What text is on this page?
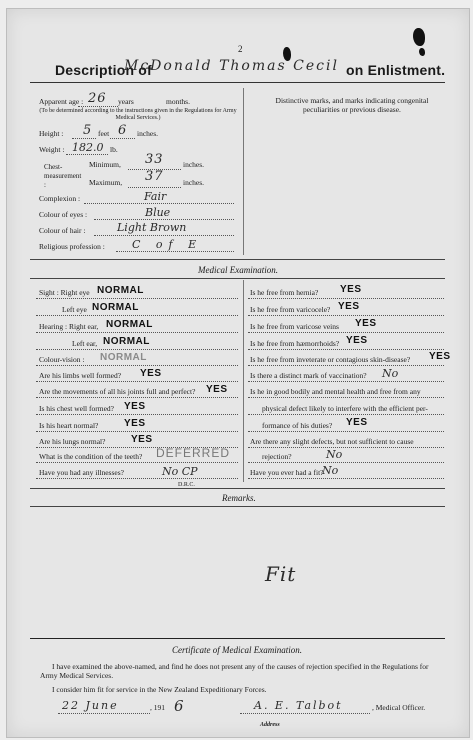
2
Description of
McDonald Thomas Cecil on Enlistment.
Apparent age : 26 years	months.
(To be determined according to the instructions given in the Regulations for Army Medical Services.)
Height : 5 feet 6 inches.
Weight : 182.0 lb.
Chest-measurement :
Minimum, 33	inches.
Maximum, 37	inches.
Complexion :	Fair
Colour of eyes :	Blue
Colour of hair :	Light Brown
Religious profession : C of E
Distinctive marks, and marks indicating congenital peculiarities or previous disease.
Medical Examination.
Sight : Right eye NORMAL
Left eye NORMAL
Hearing : Right ear, NORMAL
Left ear, NORMAL
Colour-vision : NORMAL
Are his limbs well formed? YES
Are the movements of all his joints full and perfect? YES
Is his chest well formed? YES
Is his heart normal?	YES
Are his lungs normal?	YES
What is the condition of the teeth? DEFERRED
Have you had any illnesses?	No CP
Is he free from hernia? YES
Is he free from varicocele? YES
Is he free from varicose veins YES
Is he free from hæmorrhoids? YES
Is he free from inveterate or contagious skin-disease? YES
Is there a distinct mark of vaccination? No
Is he in good bodily and mental health and free from any
physical defect likely to interfere with the efficient per-
formance of his duties? YES
Are there any slight defects, but not sufficient to cause
rejection?	No
Have you ever had a fit?
No
D.R.C.
Remarks.
Fit
Certificate of Medical Examination.
I have examined the above-named, and find he does not present any of the causes of rejection specified in the Regulations for Army Medical Services.
I consider him fit for service in the New Zealand Expeditionary Forces.
22 June	, 191 6	A. E. Talbot	, Medical Officer.
Address
